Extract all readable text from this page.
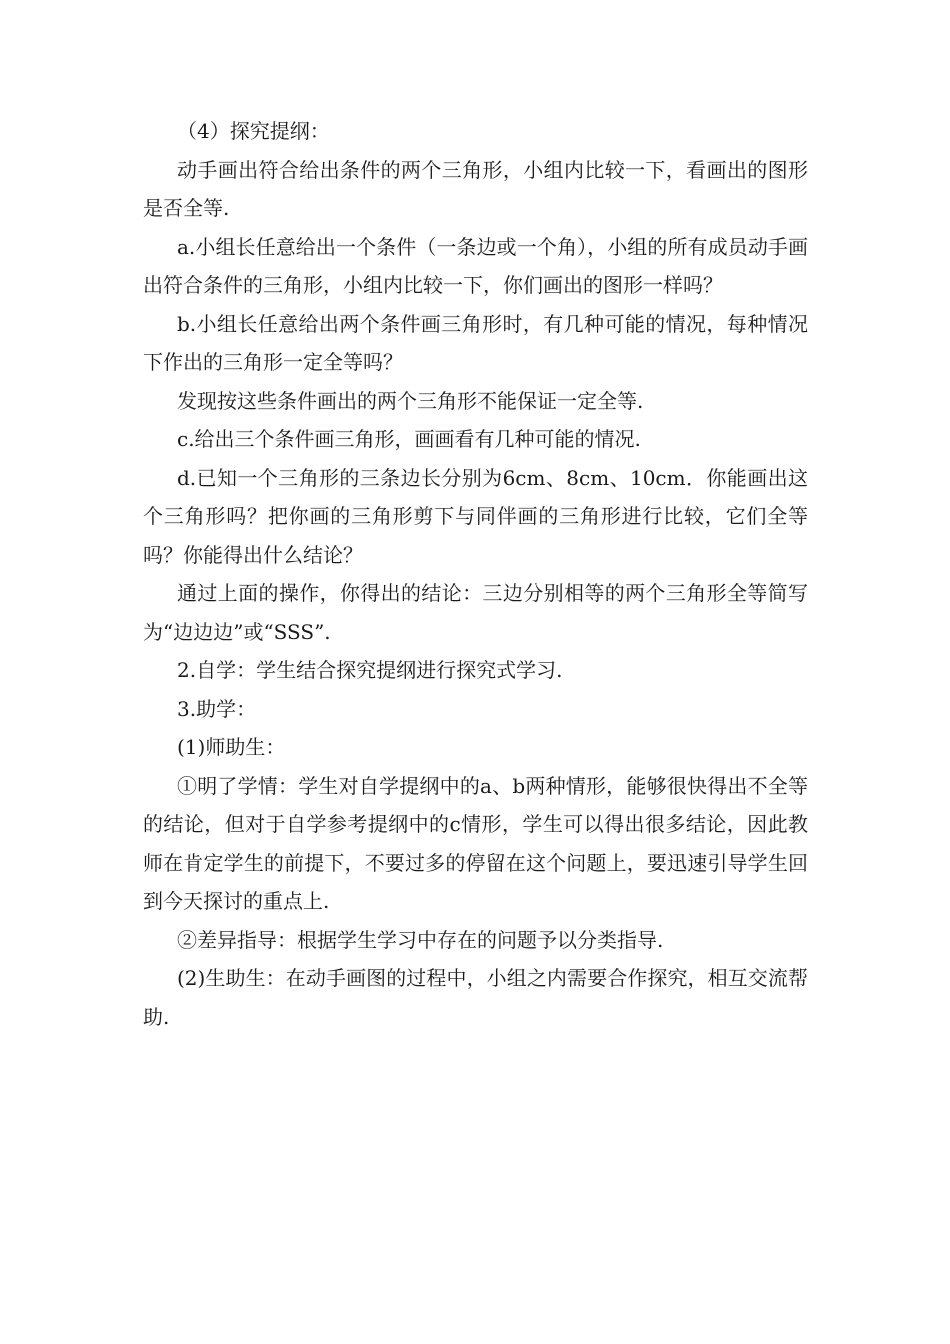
（4）探究提纲：

动手画出符合给出条件的两个三角形，小组内比较一下，看画出的图形是否全等.

a.小组长任意给出一个条件（一条边或一个角），小组的所有成员动手画出符合条件的三角形，小组内比较一下，你们画出的图形一样吗？

b.小组长任意给出两个条件画三角形时，有几种可能的情况，每种情况下作出的三角形一定全等吗？

发现按这些条件画出的两个三角形不能保证一定全等.

c.给出三个条件画三角形，画画看有几种可能的情况.

d.已知一个三角形的三条边长分别为6cm、8cm、10cm．你能画出这个三角形吗？把你画的三角形剪下与同伴画的三角形进行比较，它们全等吗？你能得出什么结论？

通过上面的操作，你得出的结论：三边分别相等的两个三角形全等简写为“边边边”或“SSS”.

2.自学：学生结合探究提纲进行探究式学习.

3.助学：

(1)师助生：

①明了学情：学生对自学提纲中的a、b两种情形，能够很快得出不全等的结论，但对于自学参考提纲中的c情形，学生可以得出很多结论，因此教师在肯定学生的前提下，不要过多的停留在这个问题上，要迅速引导学生回到今天探讨的重点上.

②差异指导：根据学生学习中存在的问题予以分类指导.

(2)生助生：在动手画图的过程中，小组之内需要合作探究，相互交流帮助.
